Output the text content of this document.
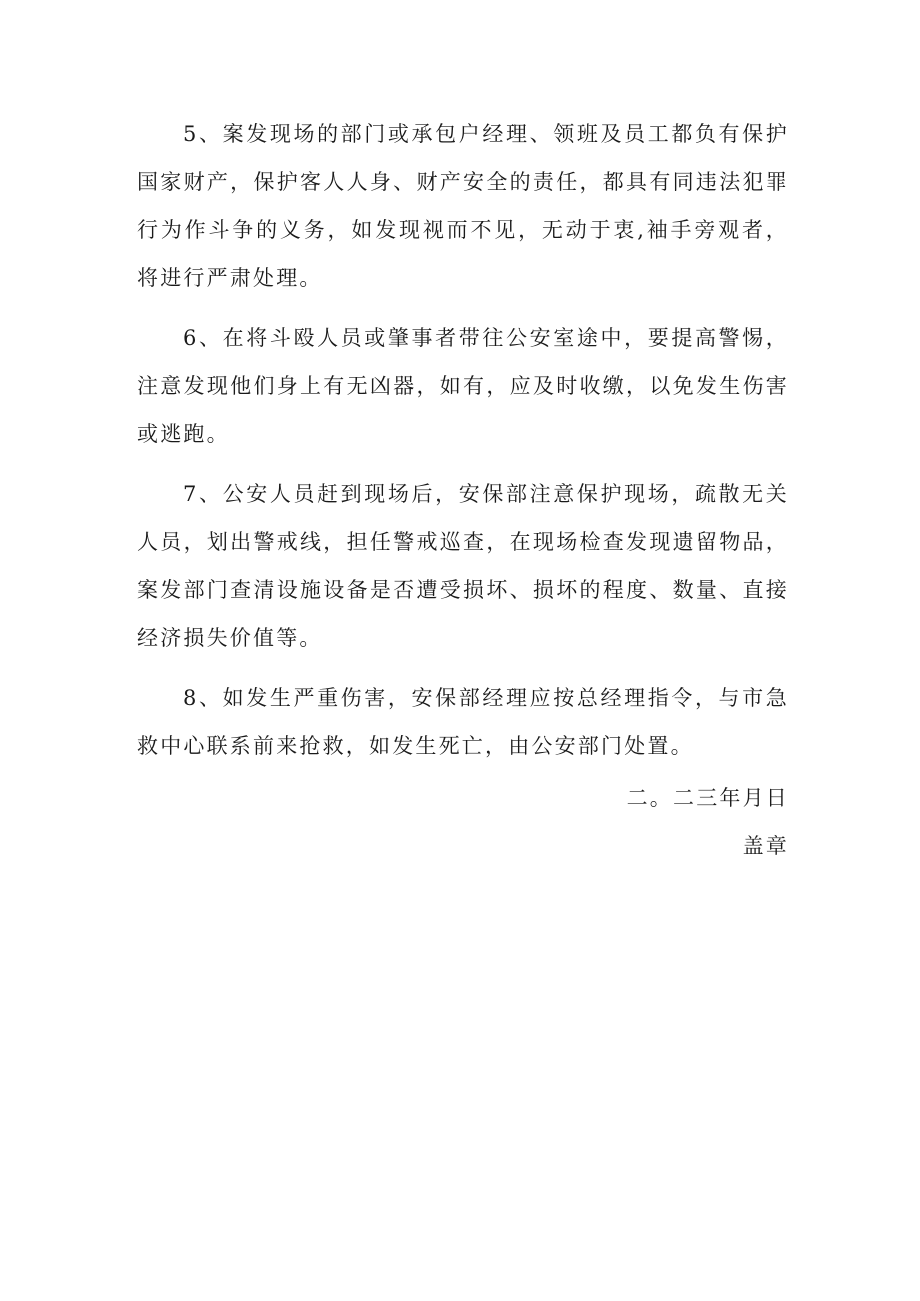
5、案发现场的部门或承包户经理、领班及员工都负有保护国家财产，保护客人人身、财产安全的责任，都具有同违法犯罪行为作斗争的义务，如发现视而不见，无动于衷,袖手旁观者，将进行严肃处理。

6、在将斗殴人员或肇事者带往公安室途中，要提高警惕，注意发现他们身上有无凶器，如有，应及时收缴，以免发生伤害或逃跑。

7、公安人员赶到现场后，安保部注意保护现场，疏散无关人员，划出警戒线，担任警戒巡查，在现场检查发现遗留物品，案发部门查清设施设备是否遭受损坏、损坏的程度、数量、直接经济损失价值等。

8、如发生严重伤害，安保部经理应按总经理指令，与市急救中心联系前来抢救，如发生死亡，由公安部门处置。

二。二三年月日

盖章
